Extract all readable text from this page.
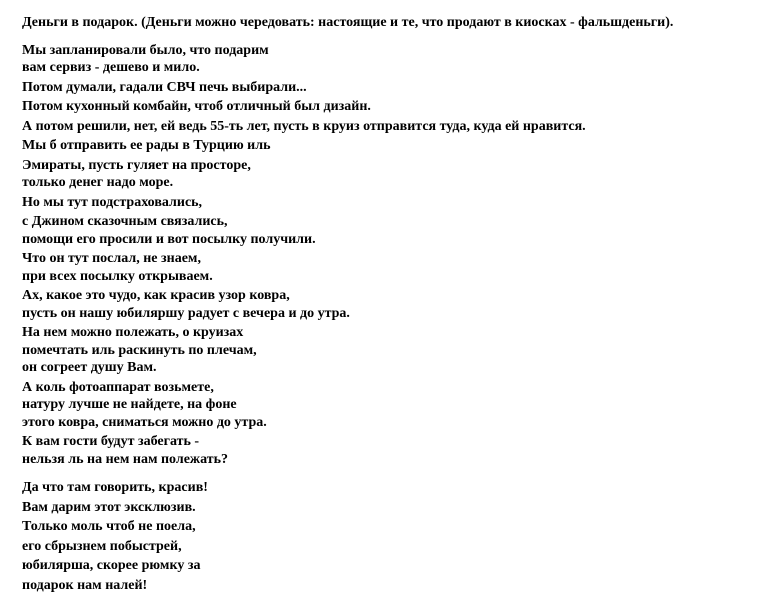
Деньги в подарок. (Деньги можно чередовать: настоящие и те, что продают в киосках - фальшденьги).
Мы запланировали было, что подарим
вам сервиз - дешево и мило.
Потом думали, гадали СВЧ печь выбирали...
Потом кухонный комбайн, чтоб отличный был дизайн.
А потом решили, нет, ей ведь 55-ть лет, пусть в круиз отправится туда, куда ей нравится.
Мы б отправить ее рады в Турцию иль
Эмираты, пусть гуляет на просторе,
только денег надо море.
Но мы тут подстраховались,
с Джином сказочным связались,
помощи его просили и вот посылку получили.
Что он тут послал, не знаем,
при всех посылку открываем.
Ах, какое это чудо, как красив узор ковра,
пусть он нашу юбиляршу радует с вечера и до утра.
На нем можно полежать, о круизах
помечтать иль раскинуть по плечам,
он согреет душу Вам.
А коль фотоаппарат возьмете,
натуру лучше не найдете, на фоне
этого ковра, сниматься можно до утра.
К вам гости будут забегать -
нельзя ль на нем нам полежать?
Да что там говорить, красив!
Вам дарим этот эксклюзив.
Только моль чтоб не поела,
его сбрызнем побыстрей,
юбилярша, скорее рюмку за
подарок нам налей!
